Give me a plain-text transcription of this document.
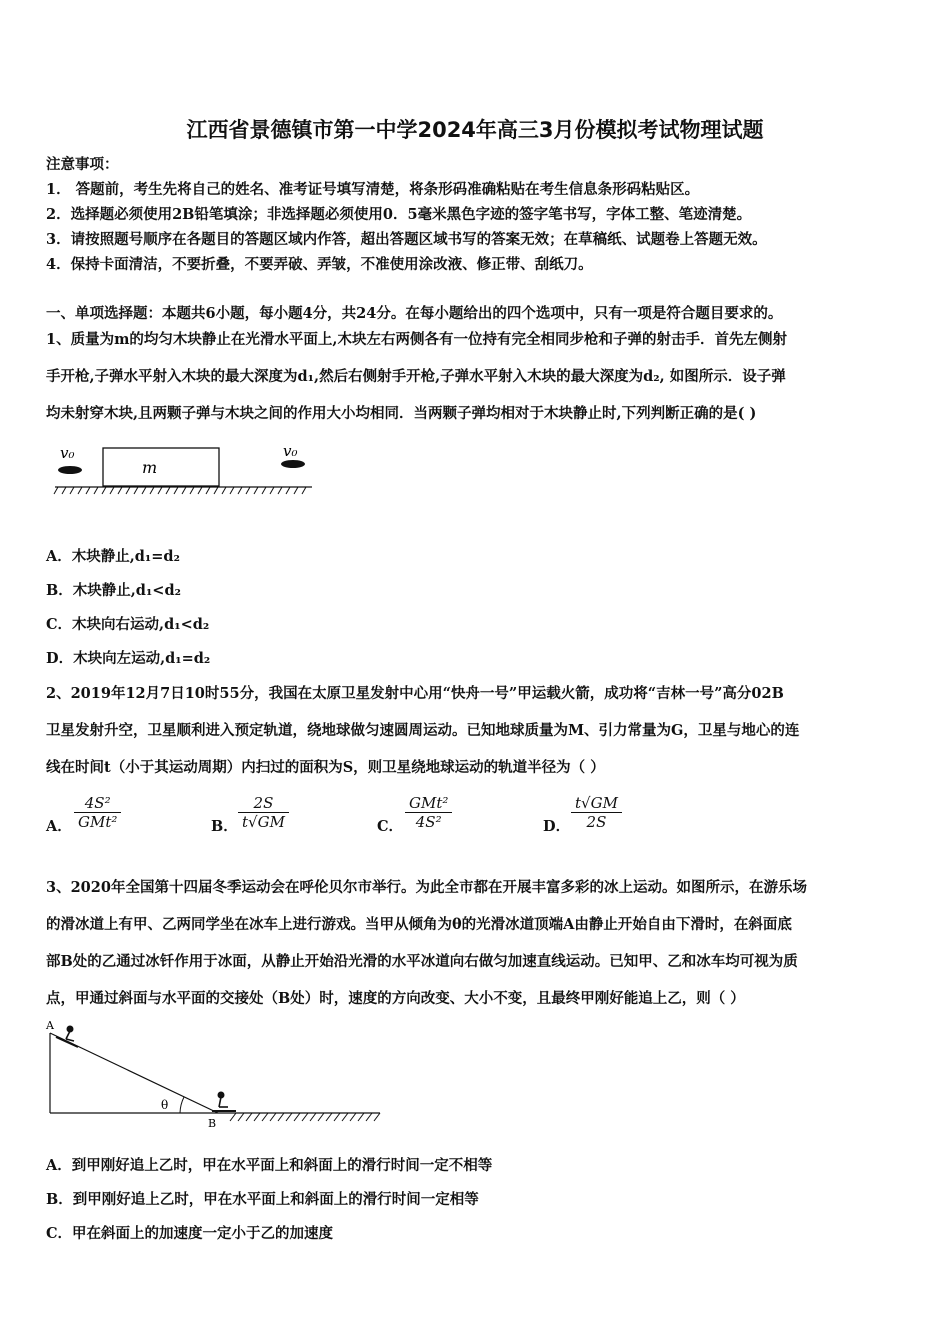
江西省景德镇市第一中学2024年高三3月份模拟考试物理试题
注意事项：
1． 答题前，考生先将自己的姓名、准考证号填写清楚，将条形码准确粘贴在考生信息条形码粘贴区。
2．选择题必须使用2B铅笔填涂；非选择题必须使用0．5毫米黑色字迹的签字笔书写，字体工整、笔迹清楚。
3．请按照题号顺序在各题目的答题区域内作答，超出答题区域书写的答案无效；在草稿纸、试题卷上答题无效。
4．保持卡面清洁，不要折叠，不要弄破、弄皱，不准使用涂改液、修正带、刮纸刀。
一、单项选择题：本题共6小题，每小题4分，共24分。在每小题给出的四个选项中，只有一项是符合题目要求的。
1、质量为m的均匀木块静止在光滑水平面上,木块左右两侧各有一位持有完全相同步枪和子弹的射击手．首先左侧射
手开枪,子弹水平射入木块的最大深度为d₁,然后右侧射手开枪,子弹水平射入木块的最大深度为d₂, 如图所示．设子弹
均未射穿木块,且两颗子弹与木块之间的作用大小均相同．当两颗子弹均相对于木块静止时,下列判断正确的是( )
v₀
m
v₀
A．木块静止,d₁=d₂
B．木块静止,d₁<d₂
C．木块向右运动,d₁<d₂
D．木块向左运动,d₁=d₂
2、2019年12月7日10时55分，我国在太原卫星发射中心用“快舟一号”甲运载火箭，成功将“吉林一号”高分02B
卫星发射升空，卫星顺利进入预定轨道，绕地球做匀速圆周运动。已知地球质量为M、引力常量为G，卫星与地心的连
线在时间t（小于其运动周期）内扫过的面积为S，则卫星绕地球运动的轨道半径为（ ）
A．
4S²
GMt²	B． $\frac{2S}{t√GM}$	C．
GMt²
4S²	D． $\frac{t√GM}{2S}$
3、2020年全国第十四届冬季运动会在呼伦贝尔市举行。为此全市都在开展丰富多彩的冰上运动。如图所示，在游乐场
的滑冰道上有甲、乙两同学坐在冰车上进行游戏。当甲从倾角为θ的光滑冰道顶端A由静止开始自由下滑时，在斜面底
部B处的乙通过冰钎作用于冰面，从静止开始沿光滑的水平冰道向右做匀加速直线运动。已知甲、乙和冰车均可视为质
点，甲通过斜面与水平面的交接处（B处）时，速度的方向改变、大小不变，且最终甲刚好能追上乙，则（ ）
A
B
θ
A．到甲刚好追上乙时，甲在水平面上和斜面上的滑行时间一定不相等
B．到甲刚好追上乙时，甲在水平面上和斜面上的滑行时间一定相等
C．甲在斜面上的加速度一定小于乙的加速度
